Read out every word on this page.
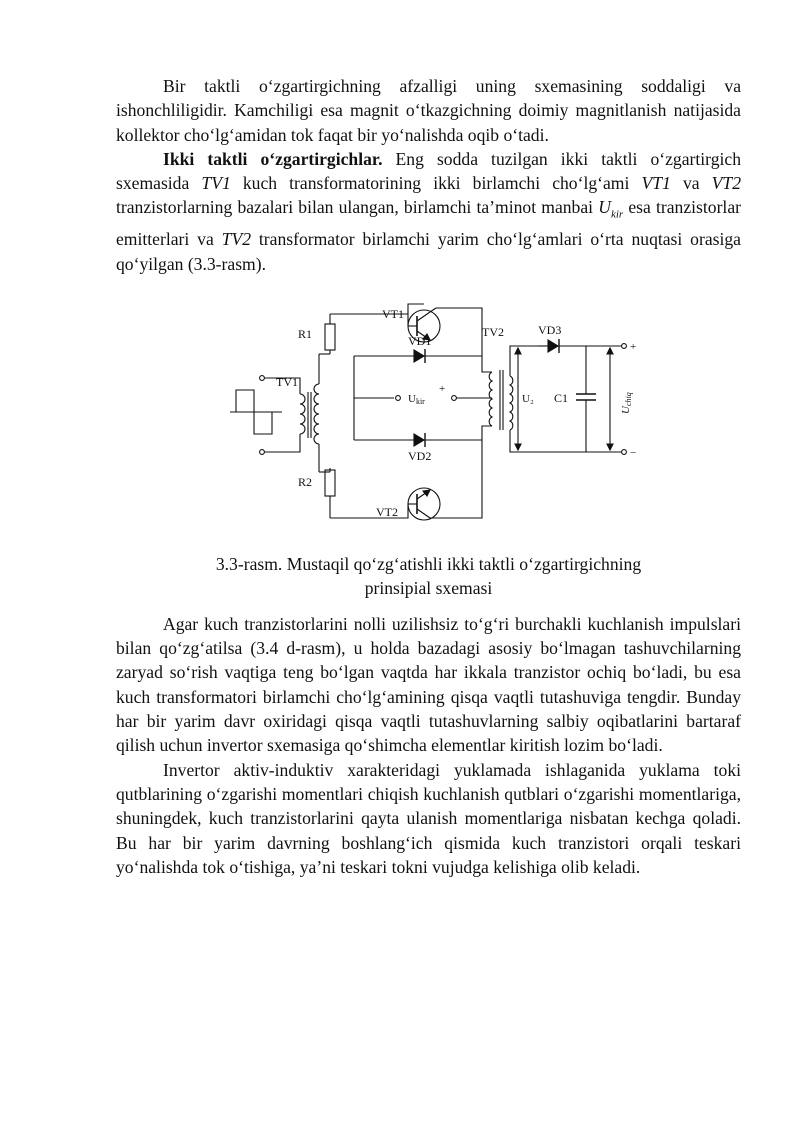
Bir taktli o‘zgartirgichning afzalligi uning sxemasining soddaligi va ishonchliligidir. Kamchiligi esa magnit o‘tkazgichning doimiy magnitlanish natijasida kollektor cho‘lg‘amidan tok faqat bir yo‘nalishda oqib o‘tadi.

Ikki taktli o‘zgartirgichlar. Eng sodda tuzilgan ikki taktli o‘zgartirgich sxemasida TV1 kuch transformatorining ikki birlamchi cho‘lg‘ami VT1 va VT2 tranzistorlarning bazalari bilan ulangan, birlamchi ta’minot manbai $U_{kir}$ esa tranzistorlar emitterlari va TV2 transformator birlamchi yarim cho‘lg‘amlari o‘rta nuqtasi orasiga qo‘yilgan (3.3-rasm).

R1
R2
TV1
VT1
VT2
VD1
VD2
TV2	VD3
C1
U₂
Ukir
+
+
−
Uchiq
3.3-rasm. Mustaqil qo‘zg‘atishli ikki taktli o‘zgartirgichning
prinsipial sxemasi

Agar kuch tranzistorlarini nolli uzilishsiz to‘g‘ri burchakli kuchlanish impulslari bilan qo‘zg‘atilsa (3.4 d-rasm), u holda bazadagi asosiy bo‘lmagan tashuvchilarning zaryad so‘rish vaqtiga teng bo‘lgan vaqtda har ikkala tranzistor ochiq bo‘ladi, bu esa kuch transformatori birlamchi cho‘lg‘amining qisqa vaqtli tutashuviga tengdir. Bunday har bir yarim davr oxiridagi qisqa vaqtli tutashuvlarning salbiy oqibatlarini bartaraf qilish uchun invertor sxemasiga qo‘shimcha elementlar kiritish lozim bo‘ladi.

Invertor aktiv-induktiv xarakteridagi yuklamada ishlaganida yuklama toki qutblarining o‘zgarishi momentlari chiqish kuchlanish qutblari o‘zgarishi momentlariga, shuningdek, kuch tranzistorlarini qayta ulanish momentlariga nisbatan kechga qoladi. Bu har bir yarim davrning boshlang‘ich qismida kuch tranzistori orqali teskari yo‘nalishda tok o‘tishiga, ya’ni teskari tokni vujudga kelishiga olib keladi.
